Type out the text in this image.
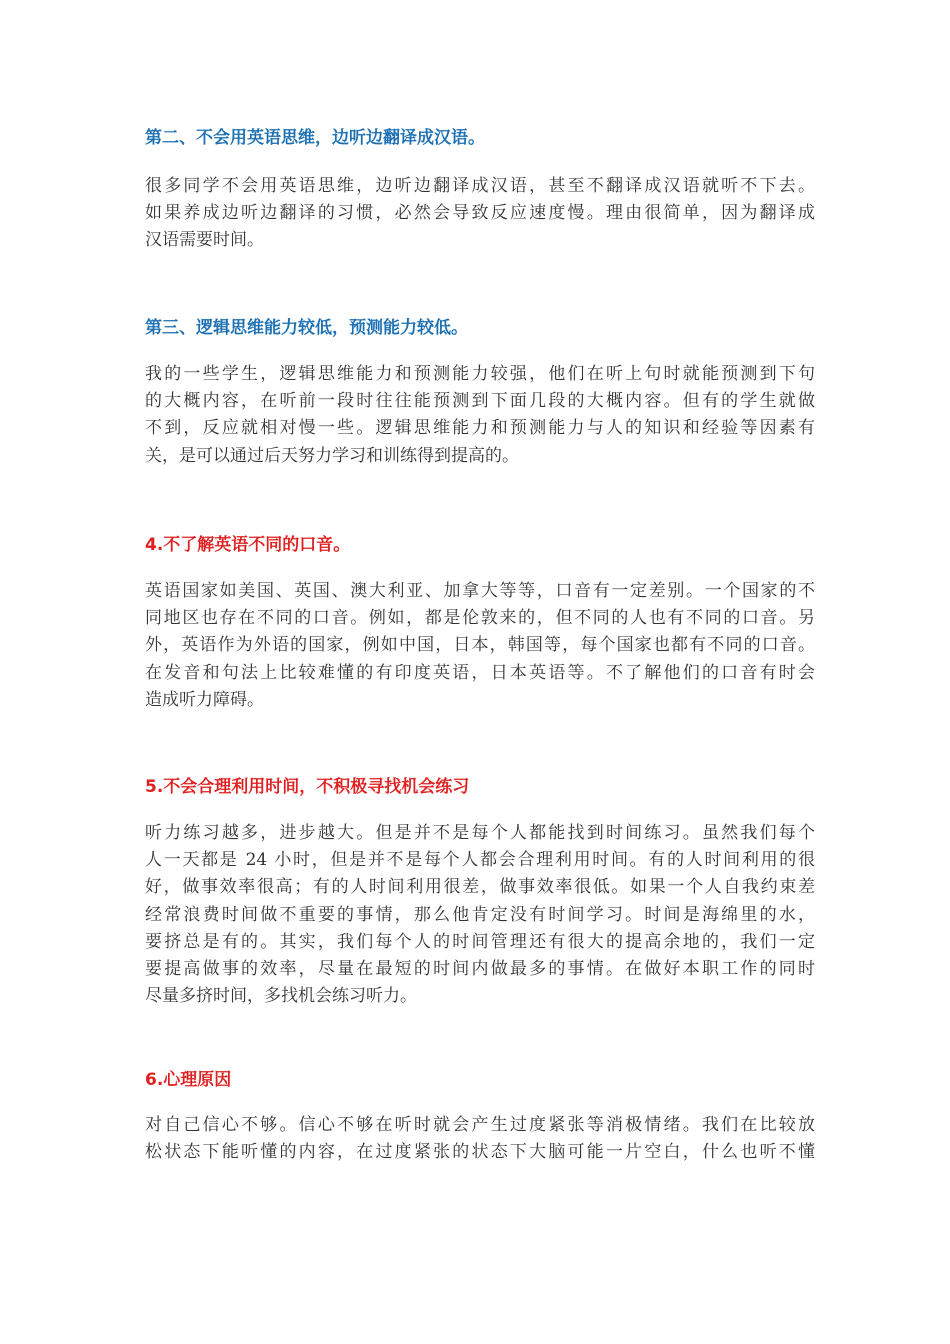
第二、不会用英语思维，边听边翻译成汉语。

很多同学不会用英语思维，边听边翻译成汉语，甚至不翻译成汉语就听不下去。
如果养成边听边翻译的习惯，必然会导致反应速度慢。理由很简单，因为翻译成
汉语需要时间。

第三、逻辑思维能力较低，预测能力较低。

我的一些学生，逻辑思维能力和预测能力较强，他们在听上句时就能预测到下句
的大概内容，在听前一段时往往能预测到下面几段的大概内容。但有的学生就做
不到，反应就相对慢一些。逻辑思维能力和预测能力与人的知识和经验等因素有
关，是可以通过后天努力学习和训练得到提高的。

4.不了解英语不同的口音。

英语国家如美国、英国、澳大利亚、加拿大等等，口音有一定差别。一个国家的不
同地区也存在不同的口音。例如，都是伦敦来的，但不同的人也有不同的口音。另
外，英语作为外语的国家，例如中国，日本，韩国等，每个国家也都有不同的口音。
在发音和句法上比较难懂的有印度英语，日本英语等。不了解他们的口音有时会
造成听力障碍。

5.不会合理利用时间，不积极寻找机会练习

听力练习越多，进步越大。但是并不是每个人都能找到时间练习。虽然我们每个
人一天都是 24 小时，但是并不是每个人都会合理利用时间。有的人时间利用的很
好，做事效率很高；有的人时间利用很差，做事效率很低。如果一个人自我约束差
经常浪费时间做不重要的事情，那么他肯定没有时间学习。时间是海绵里的水，
要挤总是有的。其实，我们每个人的时间管理还有很大的提高余地的，我们一定
要提高做事的效率，尽量在最短的时间内做最多的事情。在做好本职工作的同时
尽量多挤时间，多找机会练习听力。

6.心理原因

对自己信心不够。信心不够在听时就会产生过度紧张等消极情绪。我们在比较放
松状态下能听懂的内容，在过度紧张的状态下大脑可能一片空白，什么也听不懂
